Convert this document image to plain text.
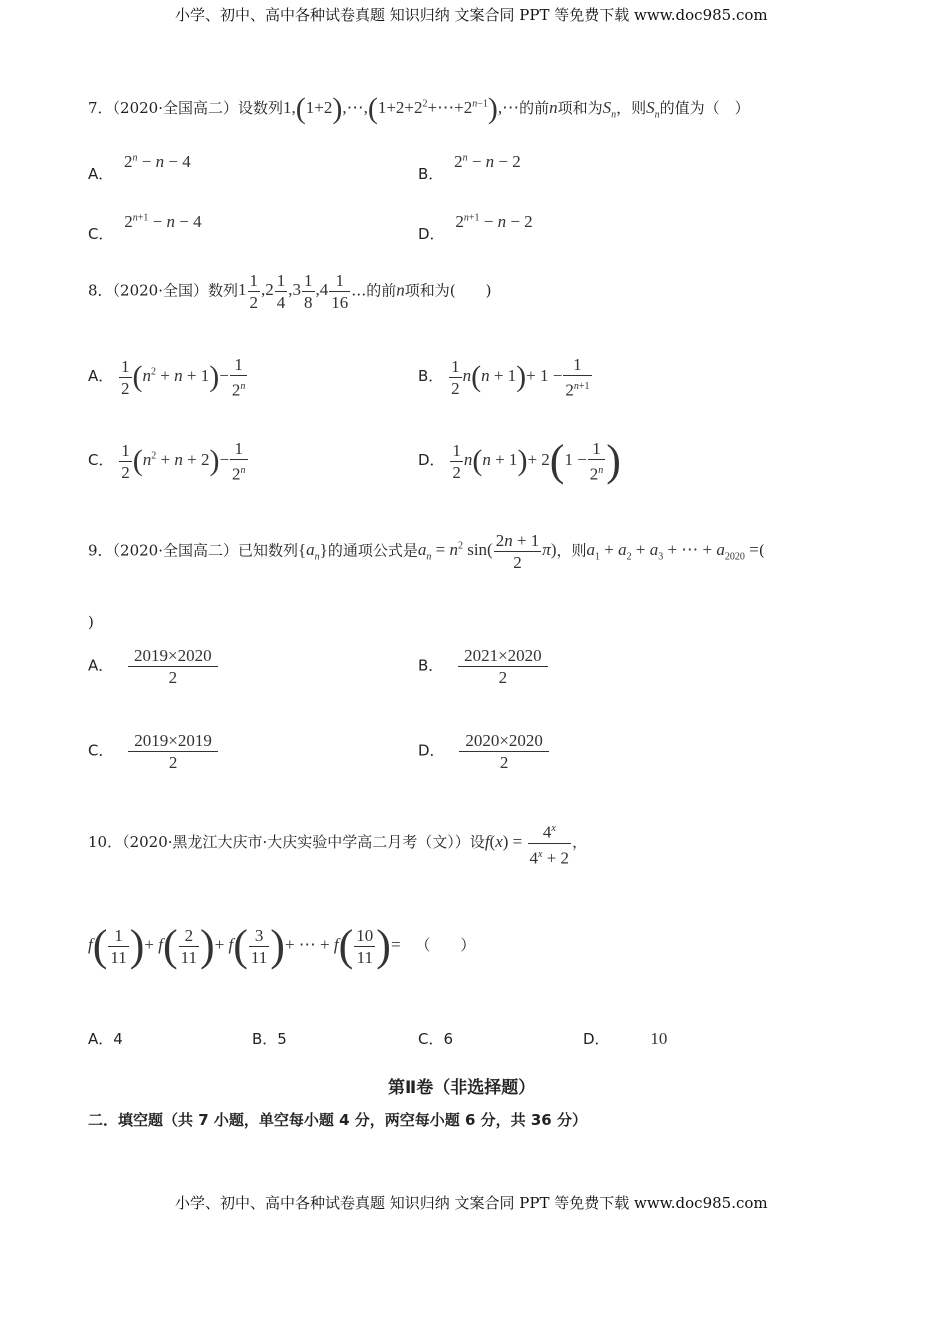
小学、初中、高中各种试卷真题 知识归纳 文案合同 PPT 等免费下载 www.doc985.com
7．（2020·全国高二）设数列$1,(1+2),\cdots,(1+2+2^2+\cdots+2^{n-1}),\cdots$的前n项和为$S_n$，则$S_n$的值为（　）
A． $2^n - n - 4$
B． $2^n - n - 2$
C． $2^{n+1} - n - 4$
D． $2^{n+1} - n - 2$
8．（2020·全国）数列$1 \frac{1}{2} ,2 \frac{1}{4} ,3 \frac{1}{8} ,4 \frac{1}{16}$ …的前n项和为(　　)
A． $\frac{1}{2} (n^2 + n + 1)- \frac{1}{2^n}$	B． $\frac{1}{2} n(n + 1)+ 1 - \frac{1}{2^{n+1}}$
C． $\frac{1}{2} (n^2 + n + 2)- \frac{1}{2^n}$	D． $\frac{1}{2} n(n + 1)+ 2(1 - \frac{1}{2^n}$ )
9．（2020·全国高二）已知数列$\{a_n\}$的通项公式是$a_n = n^2$ $\sin( \frac{2n + 1}{2} \pi)$，则$a_1 + a_2 + a_3$ + ⋯ + $a_{2020}$ =(
)
A． $\frac{2019\times 2020}{2}$	B． $\frac{2021\times 2020}{2}$
C． $\frac{2019\times 2019}{2}$	D． $\frac{2020\times 2020}{2}$
10．（2020·黑龙江大庆市·大庆实验中学高二月考（文））设$f(x) = \frac{4^x}{4^x + 2}$ ，
$f( \frac{1}{11}$ )+ $f( \frac{2}{11}$ )+ $f( \frac{3}{11}$ )+ ⋯ + $f( \frac{10}{11}$ )= （　　）
A．4	B．5	C．6	D． 10
第Ⅱ卷（非选择题）
二．填空题（共 7 小题，单空每小题 4 分，两空每小题 6 分，共 36 分）
小学、初中、高中各种试卷真题 知识归纳 文案合同 PPT 等免费下载 www.doc985.com
